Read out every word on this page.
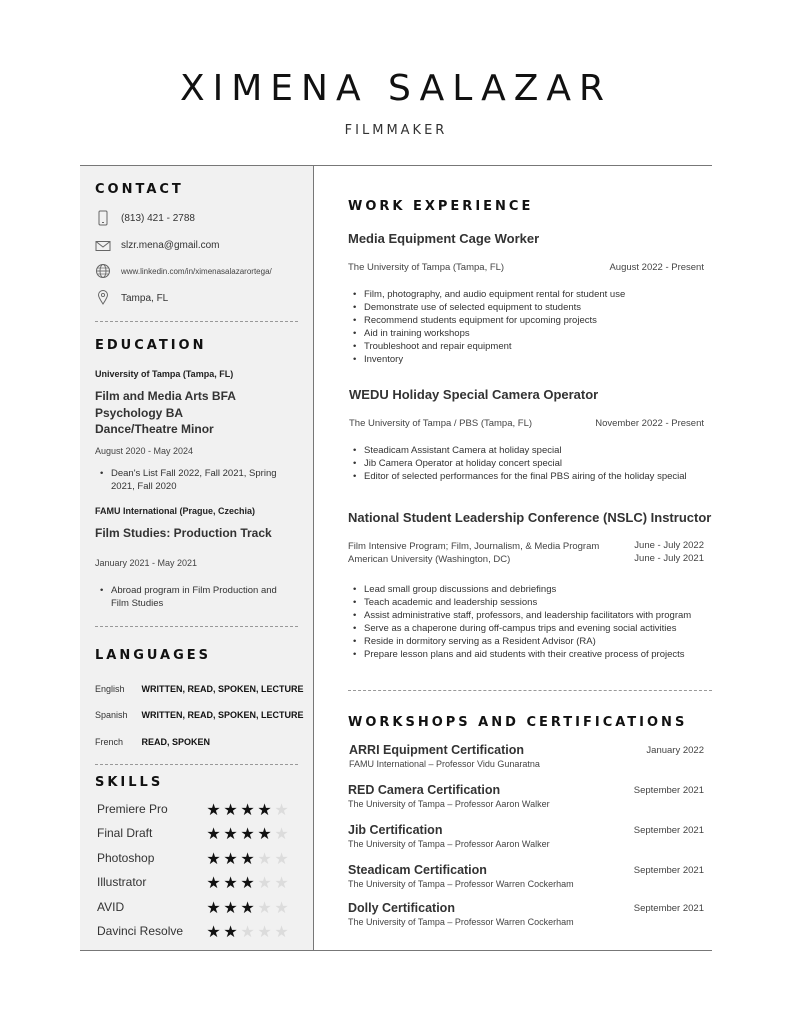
XIMENA SALAZAR
FILMMAKER
CONTACT
(813) 421 - 2788
slzr.mena@gmail.com
www.linkedin.com/in/ximenasalazarortega/
Tampa, FL
EDUCATION
University of Tampa (Tampa, FL)
Film and Media Arts BFA
Psychology BA
Dance/Theatre Minor
August 2020 - May 2024
• Dean's List Fall 2022, Fall 2021, Spring 2021, Fall 2020
FAMU International (Prague, Czechia)
Film Studies: Production Track
January 2021 - May 2021
• Abroad program in Film Production and Film Studies
LANGUAGES
English WRITTEN, READ, SPOKEN, LECTURE
Spanish WRITTEN, READ, SPOKEN, LECTURE
French READ, SPOKEN
SKILLS
Premiere Pro ★ ★ ★ ★ ★
Final Draft	★ ★ ★ ★ ★
Photoshop	★ ★ ★ ★ ★
Illustrator	★ ★ ★ ★ ★
AVID	★ ★ ★ ★ ★
Davinci Resolve ★ ★ ★ ★ ★
WORK EXPERIENCE
Media Equipment Cage Worker
The University of Tampa (Tampa, FL)	August 2022 - Present
• Film, photography, and audio equipment rental for student use
• Demonstrate use of selected equipment to students
• Recommend students equipment for upcoming projects
• Aid in training workshops
• Troubleshoot and repair equipment
• Inventory
WEDU Holiday Special Camera Operator
The University of Tampa / PBS (Tampa, FL)	November 2022 - Present
• Steadicam Assistant Camera at holiday special
• Jib Camera Operator at holiday concert special
• Editor of selected performances for the final PBS airing of the holiday special
National Student Leadership Conference (NSLC) Instructor
Film Intensive Program; Film, Journalism, & Media Program
American University (Washington, DC)
June - July 2022
June - July 2021
• Lead small group discussions and debriefings
• Teach academic and leadership sessions
• Assist administrative staff, professors, and leadership facilitators with program
• Serve as a chaperone during off-campus trips and evening social activities
• Reside in dormitory serving as a Resident Advisor (RA)
• Prepare lesson plans and aid students with their creative process of projects
WORKSHOPS AND CERTIFICATIONS
ARRI Equipment Certification
FAMU International – Professor Vidu Gunaratna
January 2022
RED Camera Certification
The University of Tampa – Professor Aaron Walker
September 2021
Jib Certification
The University of Tampa – Professor Aaron Walker
September 2021
Steadicam Certification
The University of Tampa – Professor Warren Cockerham
September 2021
Dolly Certification
The University of Tampa – Professor Warren Cockerham
September 2021
